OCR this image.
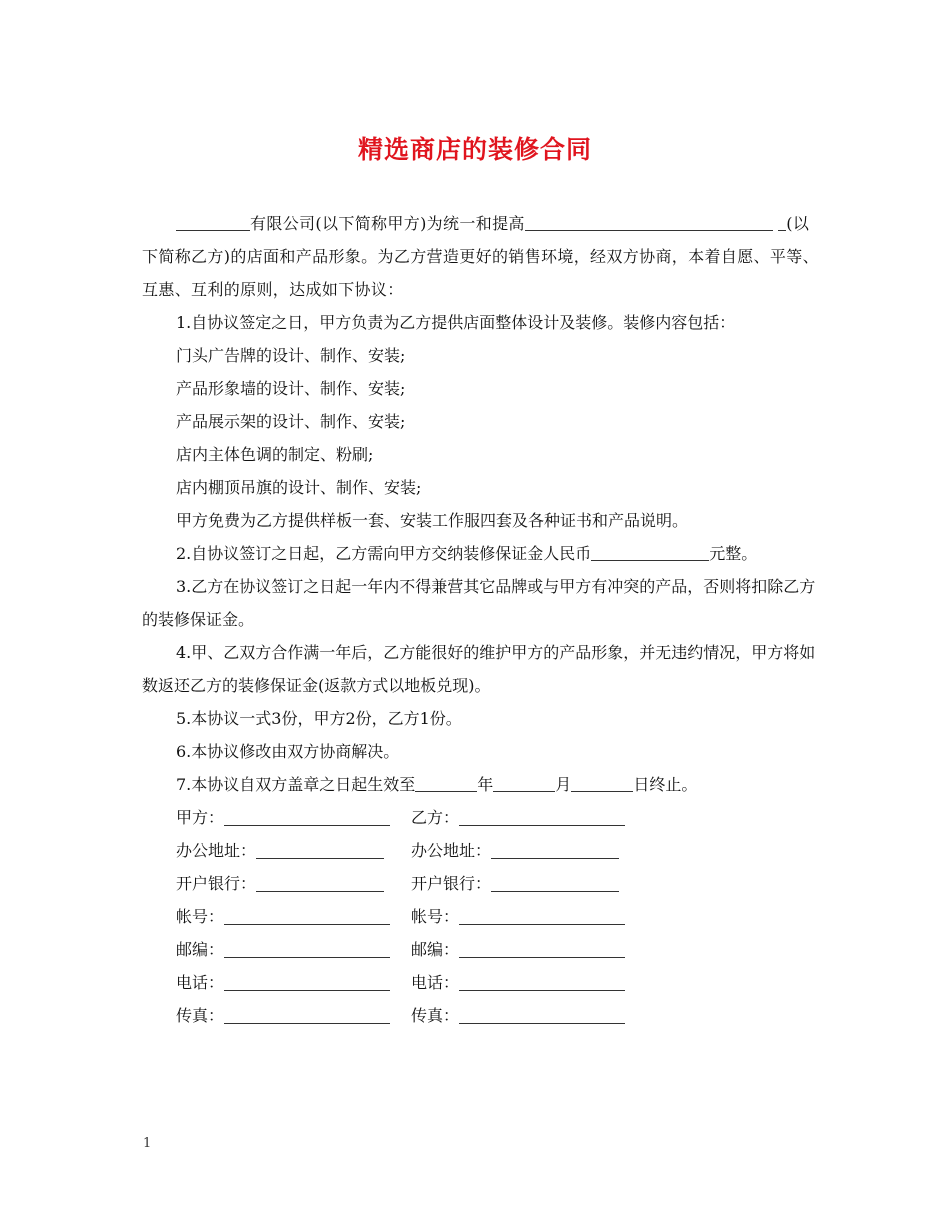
精选商店的装修合同

有限公司(以下简称甲方)为统一和提高	(以下简称乙方)的店面和产品形象。为乙方营造更好的销售环境，经双方协商，本着自愿、平等、互惠、互利的原则，达成如下协议：

1.自协议签定之日，甲方负责为乙方提供店面整体设计及装修。装修内容包括：

门头广告牌的设计、制作、安装;

产品形象墙的设计、制作、安装;

产品展示架的设计、制作、安装;

店内主体色调的制定、粉刷;

店内棚顶吊旗的设计、制作、安装;

甲方免费为乙方提供样板一套、安装工作服四套及各种证书和产品说明。

2.自协议签订之日起，乙方需向甲方交纳装修保证金人民币	元整。

3.乙方在协议签订之日起一年内不得兼营其它品牌或与甲方有冲突的产品，否则将扣除乙方的装修保证金。

4.甲、乙双方合作满一年后，乙方能很好的维护甲方的产品形象，并无违约情况，甲方将如数返还乙方的装修保证金(返款方式以地板兑现)。

5.本协议一式3份，甲方2份，乙方1份。

6.本协议修改由双方协商解决。

7.本协议自双方盖章之日起生效至	年	月	日终止。

甲方：	乙方：
办公地址：	办公地址：
开户银行：	开户银行：
帐号：	帐号：
邮编：	邮编：
电话：	电话：
传真：	传真：
1
